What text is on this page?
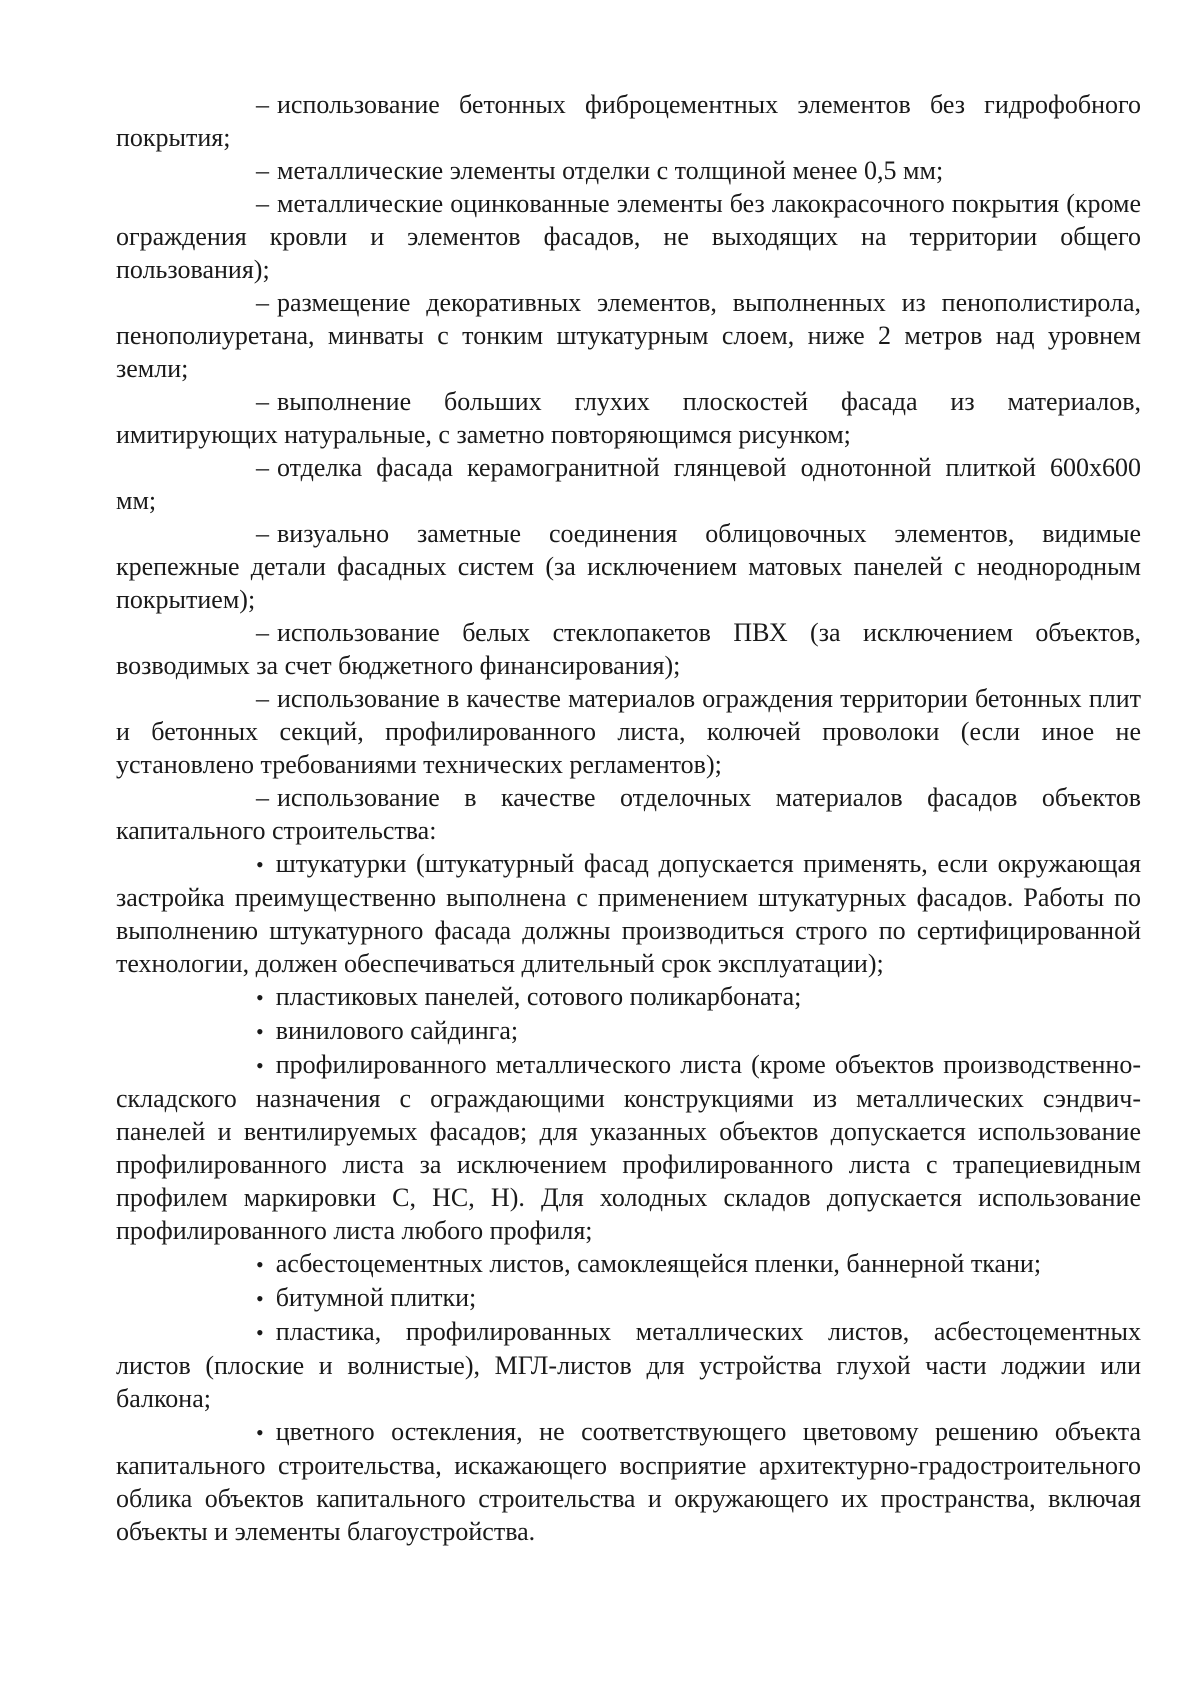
– использование бетонных фиброцементных элементов без гидрофобного покрытия;

– металлические элементы отделки с толщиной менее 0,5 мм;

– металлические оцинкованные элементы без лакокрасочного покрытия (кроме ограждения кровли и элементов фасадов, не выходящих на территории общего пользования);

– размещение декоративных элементов, выполненных из пенополистирола, пенополиуретана, минваты с тонким штукатурным слоем, ниже 2 метров над уровнем земли;

– выполнение больших глухих плоскостей фасада из материалов, имитирующих натуральные, с заметно повторяющимся рисунком;

– отделка фасада керамогранитной глянцевой однотонной плиткой 600x600 мм;

– визуально заметные соединения облицовочных элементов, видимые крепежные детали фасадных систем (за исключением матовых панелей с неоднородным покрытием);

– использование белых стеклопакетов ПВХ (за исключением объектов, возводимых за счет бюджетного финансирования);

– использование в качестве материалов ограждения территории бетонных плит и бетонных секций, профилированного листа, колючей проволоки (если иное не установлено требованиями технических регламентов);

– использование в качестве отделочных материалов фасадов объектов капитального строительства:

• штукатурки (штукатурный фасад допускается применять, если окружающая застройка преимущественно выполнена с применением штукатурных фасадов. Работы по выполнению штукатурного фасада должны производиться строго по сертифицированной технологии, должен обеспечиваться длительный срок эксплуатации);

• пластиковых панелей, сотового поликарбоната;

• винилового сайдинга;

• профилированного металлического листа (кроме объектов производственно-складского назначения с ограждающими конструкциями из металлических сэндвич-панелей и вентилируемых фасадов; для указанных объектов допускается использование профилированного листа за исключением профилированного листа с трапециевидным профилем маркировки С, НС, Н). Для холодных складов допускается использование профилированного листа любого профиля;

• асбестоцементных листов, самоклеящейся пленки, баннерной ткани;

• битумной плитки;

• пластика, профилированных металлических листов, асбестоцементных листов (плоские и волнистые), МГЛ-листов для устройства глухой части лоджии или балкона;

• цветного остекления, не соответствующего цветовому решению объекта капитального строительства, искажающего восприятие архитектурно-градостроительного облика объектов капитального строительства и окружающего их пространства, включая объекты и элементы благоустройства.
